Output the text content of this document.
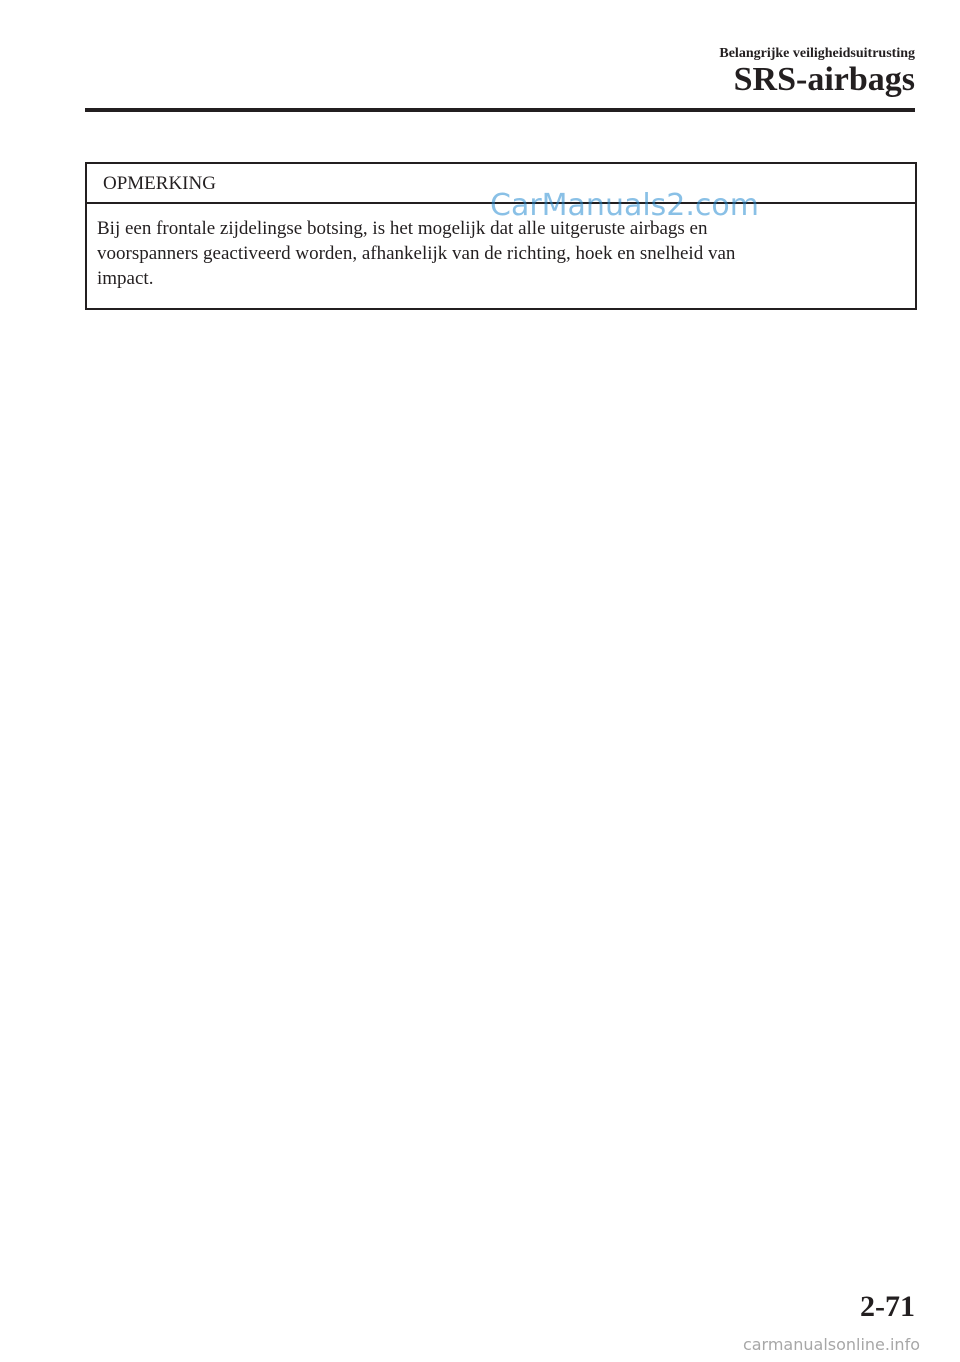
Belangrijke veiligheidsuitrusting
SRS-airbags
OPMERKING

Bij een frontale zijdelingse botsing, is het mogelijk dat alle uitgeruste airbags en

voorspanners geactiveerd worden, afhankelijk van de richting, hoek en snelheid van

impact.

CarManuals2.com
2-71
carmanualsonline.info
